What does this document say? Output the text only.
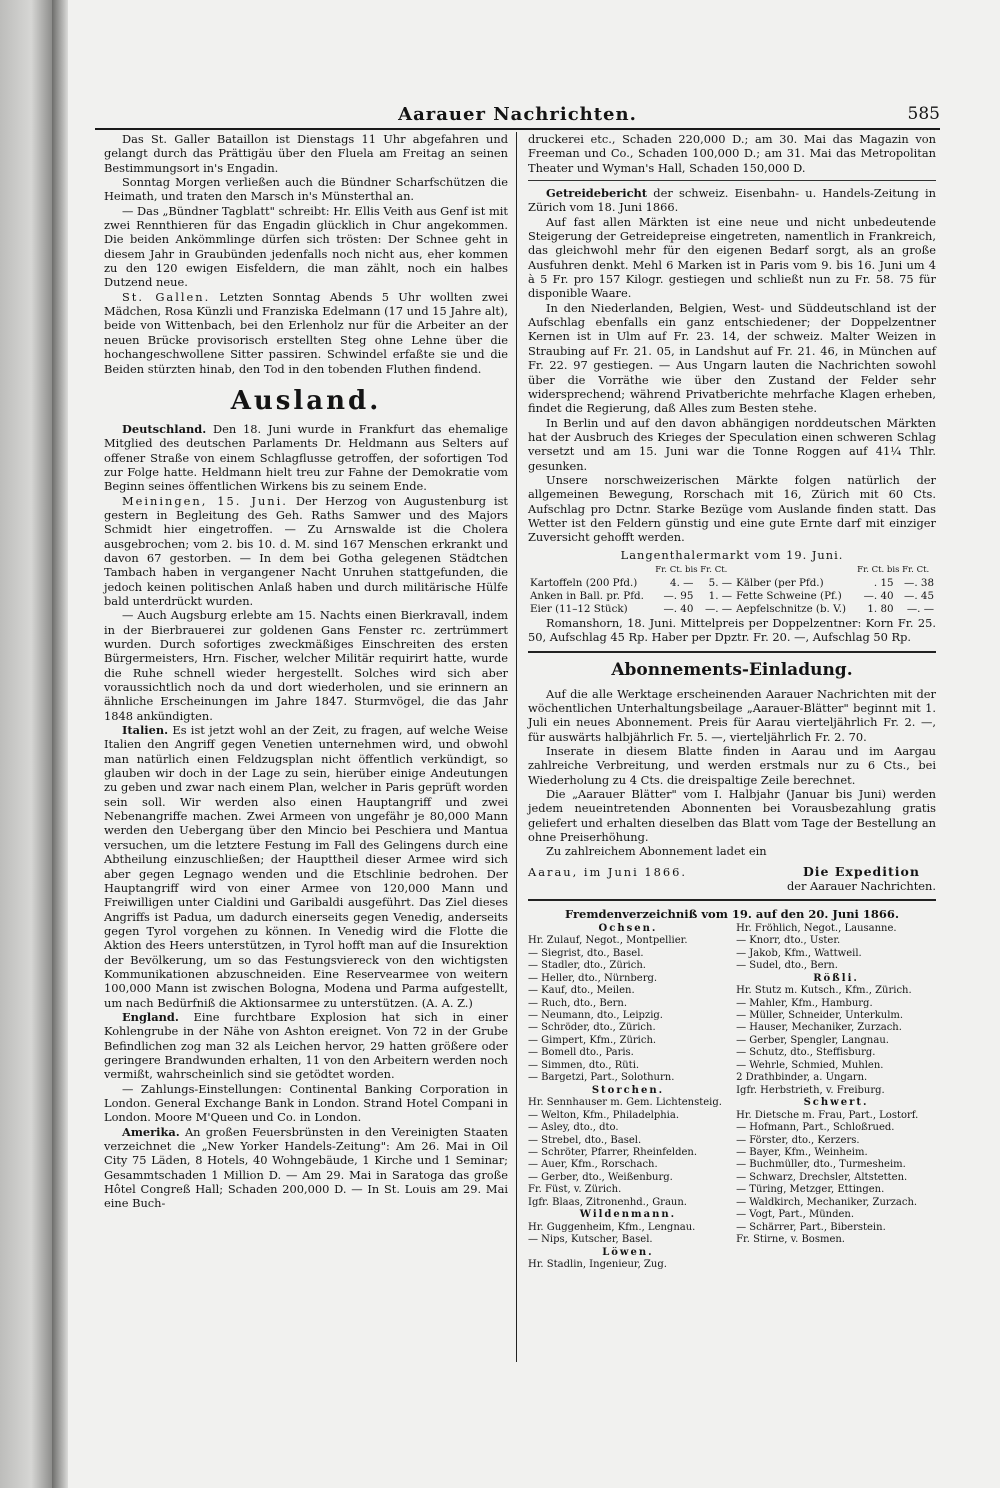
Aarauer Nachrichten.	585

Das St. Galler Bataillon ist Dienstags 11 Uhr abgefahren und gelangt durch das Prättigäu über den Fluela am Freitag an seinen Bestimmungsort in's Engadin.

Sonntag Morgen verließen auch die Bündner Scharfschützen die Heimath, und traten den Marsch in's Münsterthal an.

— Das „Bündner Tagblatt" schreibt: Hr. Ellis Veith aus Genf ist mit zwei Rennthieren für das Engadin glücklich in Chur angekommen. Die beiden Ankömmlinge dürfen sich trösten: Der Schnee geht in diesem Jahr in Graubünden jedenfalls noch nicht aus, eher kommen zu den 120 ewigen Eisfeldern, die man zählt, noch ein halbes Dutzend neue.

St. Gallen. Letzten Sonntag Abends 5 Uhr wollten zwei Mädchen, Rosa Künzli und Franziska Edelmann (17 und 15 Jahre alt), beide von Wittenbach, bei den Erlenholz nur für die Arbeiter an der neuen Brücke provisorisch erstellten Steg ohne Lehne über die hochangeschwollene Sitter passiren. Schwindel erfaßte sie und die Beiden stürzten hinab, den Tod in den tobenden Fluthen findend.

Ausland.

Deutschland. Den 18. Juni wurde in Frankfurt das ehemalige Mitglied des deutschen Parlaments Dr. Heldmann aus Selters auf offener Straße von einem Schlagflusse getroffen, der sofortigen Tod zur Folge hatte. Heldmann hielt treu zur Fahne der Demokratie vom Beginn seines öffentlichen Wirkens bis zu seinem Ende.

Meiningen, 15. Juni. Der Herzog von Augustenburg ist gestern in Begleitung des Geh. Raths Samwer und des Majors Schmidt hier eingetroffen. — Zu Arnswalde ist die Cholera ausgebrochen; vom 2. bis 10. d. M. sind 167 Menschen erkrankt und davon 67 gestorben. — In dem bei Gotha gelegenen Städtchen Tambach haben in vergangener Nacht Unruhen stattgefunden, die jedoch keinen politischen Anlaß haben und durch militärische Hülfe bald unterdrückt wurden.

— Auch Augsburg erlebte am 15. Nachts einen Bierkravall, indem in der Bierbrauerei zur goldenen Gans Fenster rc. zertrümmert wurden. Durch sofortiges zweckmäßiges Einschreiten des ersten Bürgermeisters, Hrn. Fischer, welcher Militär requirirt hatte, wurde die Ruhe schnell wieder hergestellt. Solches wird sich aber voraussichtlich noch da und dort wiederholen, und sie erinnern an ähnliche Erscheinungen im Jahre 1847. Sturmvögel, die das Jahr 1848 ankündigten.

Italien. Es ist jetzt wohl an der Zeit, zu fragen, auf welche Weise Italien den Angriff gegen Venetien unternehmen wird, und obwohl man natürlich einen Feldzugsplan nicht öffentlich verkündigt, so glauben wir doch in der Lage zu sein, hierüber einige Andeutungen zu geben und zwar nach einem Plan, welcher in Paris geprüft worden sein soll. Wir werden also einen Hauptangriff und zwei Nebenangriffe machen. Zwei Armeen von ungefähr je 80,000 Mann werden den Uebergang über den Mincio bei Peschiera und Mantua versuchen, um die letztere Festung im Fall des Gelingens durch eine Abtheilung einzuschließen; der Haupttheil dieser Armee wird sich aber gegen Legnago wenden und die Etschlinie bedrohen. Der Hauptangriff wird von einer Armee von 120,000 Mann und Freiwilligen unter Cialdini und Garibaldi ausgeführt. Das Ziel dieses Angriffs ist Padua, um dadurch einerseits gegen Venedig, anderseits gegen Tyrol vorgehen zu können. In Venedig wird die Flotte die Aktion des Heers unterstützen, in Tyrol hofft man auf die Insurektion der Bevölkerung, um so das Festungsviereck von den wichtigsten Kommunikationen abzuschneiden. Eine Reservearmee von weitern 100,000 Mann ist zwischen Bologna, Modena und Parma aufgestellt, um nach Bedürfniß die Aktionsarmee zu unterstützen. (A. A. Z.)

England. Eine furchtbare Explosion hat sich in einer Kohlengrube in der Nähe von Ashton ereignet. Von 72 in der Grube Befindlichen zog man 32 als Leichen hervor, 29 hatten größere oder geringere Brandwunden erhalten, 11 von den Arbeitern werden noch vermißt, wahrscheinlich sind sie getödtet worden.

— Zahlungs-Einstellungen: Continental Banking Corporation in London. General Exchange Bank in London. Strand Hotel Compani in London. Moore M'Queen und Co. in London.

Amerika. An großen Feuersbrünsten in den Vereinigten Staaten verzeichnet die „New Yorker Handels-Zeitung": Am 26. Mai in Oil City 75 Läden, 8 Hotels, 40 Wohngebäude, 1 Kirche und 1 Seminar; Gesammtschaden 1 Million D. — Am 29. Mai in Saratoga das große Hôtel Congreß Hall; Schaden 200,000 D. — In St. Louis am 29. Mai eine Buch-

druckerei etc., Schaden 220,000 D.; am 30. Mai das Magazin von Freeman und Co., Schaden 100,000 D.; am 31. Mai das Metropolitan Theater und Wyman's Hall, Schaden 150,000 D.

Getreidebericht der schweiz. Eisenbahn- u. Handels-Zeitung in Zürich vom 18. Juni 1866.

Auf fast allen Märkten ist eine neue und nicht unbedeutende Steigerung der Getreidepreise eingetreten, namentlich in Frankreich, das gleichwohl mehr für den eigenen Bedarf sorgt, als an große Ausfuhren denkt. Mehl 6 Marken ist in Paris vom 9. bis 16. Juni um 4 à 5 Fr. pro 157 Kilogr. gestiegen und schließt nun zu Fr. 58. 75 für disponible Waare.

In den Niederlanden, Belgien, West- und Süddeutschland ist der Aufschlag ebenfalls ein ganz entschiedener; der Doppelzentner Kernen ist in Ulm auf Fr. 23. 14, der schweiz. Malter Weizen in Straubing auf Fr. 21. 05, in Landshut auf Fr. 21. 46, in München auf Fr. 22. 97 gestiegen. — Aus Ungarn lauten die Nachrichten sowohl über die Vorräthe wie über den Zustand der Felder sehr widersprechend; während Privatberichte mehrfache Klagen erheben, findet die Regierung, daß Alles zum Besten stehe.

In Berlin und auf den davon abhängigen norddeutschen Märkten hat der Ausbruch des Krieges der Speculation einen schweren Schlag versetzt und am 15. Juni war die Tonne Roggen auf 41¼ Thlr. gesunken.

Unsere norschweizerischen Märkte folgen natürlich der allgemeinen Bewegung, Rorschach mit 16, Zürich mit 60 Cts. Aufschlag pro Dctnr. Starke Bezüge vom Auslande finden statt. Das Wetter ist den Feldern günstig und eine gute Ernte darf mit einziger Zuversicht gehofft werden.

Langenthalermarkt vom 19. Juni.
	Fr. Ct. bis Fr. Ct.			Fr. Ct. bis Fr. Ct.	
Kartoffeln (200 Pfd.)	4. —	5. —	Kälber (per Pfd.)	. 15	—. 38
Anken in Ball. pr. Pfd.	—. 95	1. —	Fette Schweine (Pf.)	—. 40	—. 45
Eier (11–12 Stück)	—. 40	—. —	Aepfelschnitze (b. V.)	1. 80	—. —

Romanshorn, 18. Juni. Mittelpreis per Doppelzentner: Korn Fr. 25. 50, Aufschlag 45 Rp. Haber per Dpztr. Fr. 20. —, Aufschlag 50 Rp.

Abonnements-Einladung.

Auf die alle Werktage erscheinenden Aarauer Nachrichten mit der wöchentlichen Unterhaltungsbeilage „Aarauer-Blätter" beginnt mit 1. Juli ein neues Abonnement. Preis für Aarau vierteljährlich Fr. 2. —, für auswärts halbjährlich Fr. 5. —, vierteljährlich Fr. 2. 70.

Inserate in diesem Blatte finden in Aarau und im Aargau zahlreiche Verbreitung, und werden erstmals nur zu 6 Cts., bei Wiederholung zu 4 Cts. die dreispaltige Zeile berechnet.

Die „Aarauer Blätter" vom I. Halbjahr (Januar bis Juni) werden jedem neueintretenden Abonnenten bei Vorausbezahlung gratis geliefert und erhalten dieselben das Blatt vom Tage der Bestellung an ohne Preiserhöhung.

Zu zahlreichem Abonnement ladet ein

Aarau, im Juni 1866.	Die Expedition
der Aarauer Nachrichten.
Fremdenverzeichniß vom 19. auf den 20. Juni 1866.
Ochsen.
Hr. Zulauf, Negot., Montpellier.
— Siegrist, dto., Basel.
— Stadler, dto., Zürich.
— Heller, dto., Nürnberg.
— Kauf, dto., Meilen.
— Ruch, dto., Bern.
— Neumann, dto., Leipzig.
— Schröder, dto., Zürich.
— Gimpert, Kfm., Zürich.
— Bomell dto., Paris.
— Simmen, dto., Rüti.
— Bargetzi, Part., Solothurn.
Storchen.
Hr. Sennhauser m. Gem. Lichtensteig.
— Welton, Kfm., Philadelphia.
— Asley, dto., dto.
— Strebel, dto., Basel.
— Schröter, Pfarrer, Rheinfelden.
— Auer, Kfm., Rorschach.
— Gerber, dto., Weißenburg.
Fr. Füst, v. Zürich.
Igfr. Blaas, Zitronenhd., Graun.
Wildenmann.
Hr. Guggenheim, Kfm., Lengnau.
— Nips, Kutscher, Basel.
Löwen.
Hr. Stadlin, Ingenieur, Zug.
Hr. Fröhlich, Negot., Lausanne.
— Knorr, dto., Uster.
— Jakob, Kfm., Wattweil.
— Sudel, dto., Bern.
Rößli.
Hr. Stutz m. Kutsch., Kfm., Zürich.
— Mahler, Kfm., Hamburg.
— Müller, Schneider, Unterkulm.
— Hauser, Mechaniker, Zurzach.
— Gerber, Spengler, Langnau.
— Schutz, dto., Steffisburg.
— Wehrle, Schmied, Muhlen.
2 Drathbinder, a. Ungarn.
Igfr. Herbstrieth, v. Freiburg.
Schwert.
Hr. Dietsche m. Frau, Part., Lostorf.
— Hofmann, Part., Schloßrued.
— Förster, dto., Kerzers.
— Bayer, Kfm., Weinheim.
— Buchmüller, dto., Turmesheim.
— Schwarz, Drechsler, Altstetten.
— Türing, Metzger, Ettingen.
— Waldkirch, Mechaniker, Zurzach.
— Vogt, Part., Münden.
— Schärrer, Part., Biberstein.
Fr. Stirne, v. Bosmen.
